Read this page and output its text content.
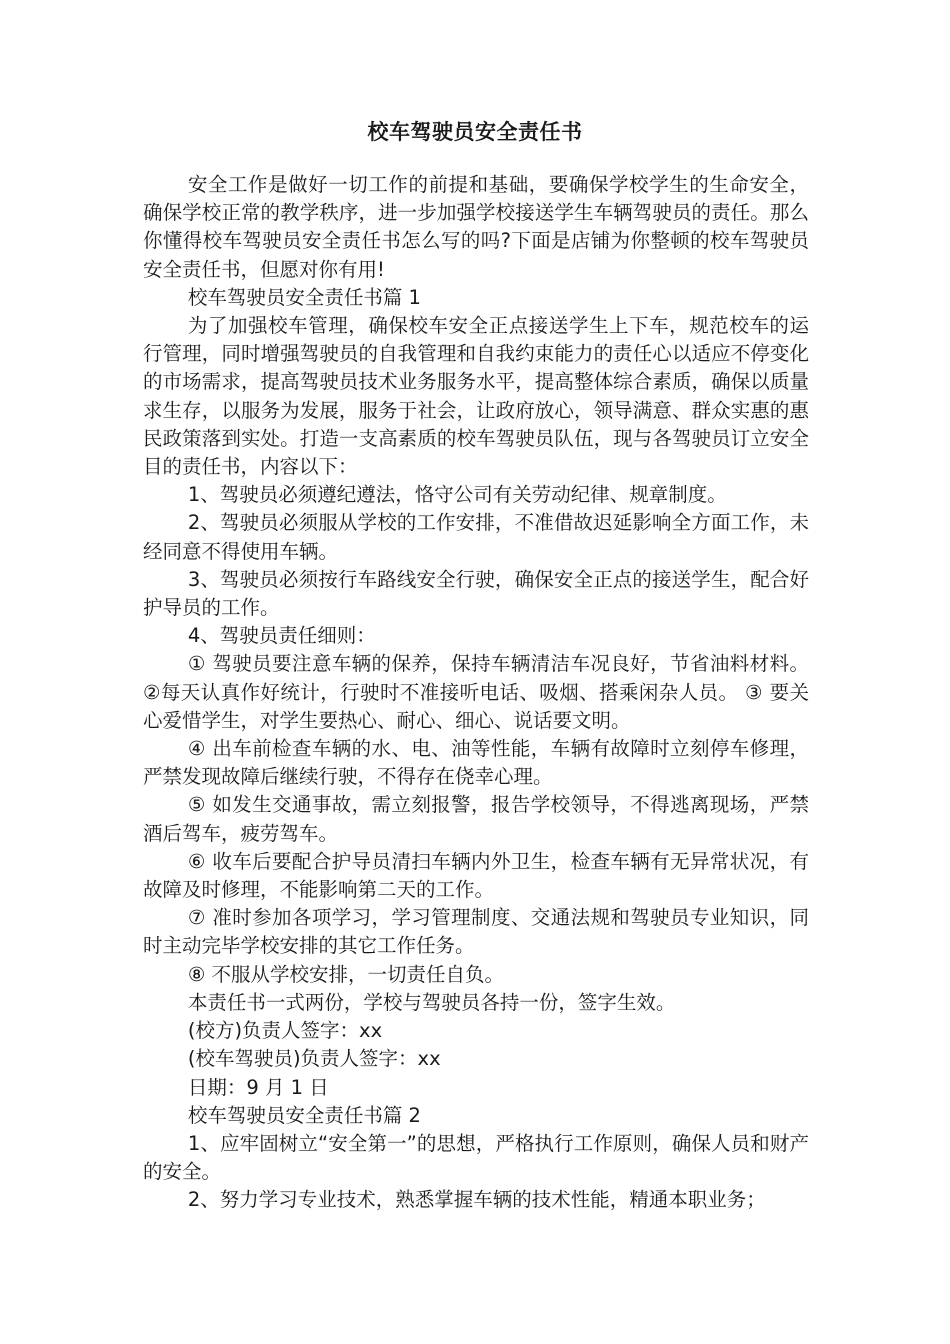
校车驾驶员安全责任书

安全工作是做好一切工作的前提和基础，要确保学校学生的生命安全，确保学校正常的教学秩序，进一步加强学校接送学生车辆驾驶员的责任。那么你懂得校车驾驶员安全责任书怎么写的吗?下面是店铺为你整顿的校车驾驶员安全责任书，但愿对你有用!

校车驾驶员安全责任书篇 1

为了加强校车管理，确保校车安全正点接送学生上下车，规范校车的运行管理，同时增强驾驶员的自我管理和自我约束能力的责任心以适应不停变化的市场需求，提高驾驶员技术业务服务水平，提高整体综合素质，确保以质量求生存，以服务为发展，服务于社会，让政府放心，领导满意、群众实惠的惠民政策落到实处。打造一支高素质的校车驾驶员队伍，现与各驾驶员订立安全目的责任书，内容以下：

1、驾驶员必须遵纪遵法，恪守公司有关劳动纪律、规章制度。

2、驾驶员必须服从学校的工作安排，不准借故迟延影响全方面工作，未经同意不得使用车辆。

3、驾驶员必须按行车路线安全行驶，确保安全正点的接送学生，配合好护导员的工作。

4、驾驶员责任细则：

① 驾驶员要注意车辆的保养，保持车辆清洁车况良好，节省油料材料。 ②每天认真作好统计，行驶时不准接听电话、吸烟、搭乘闲杂人员。 ③ 要关心爱惜学生，对学生要热心、耐心、细心、说话要文明。

④ 出车前检查车辆的水、电、油等性能，车辆有故障时立刻停车修理，严禁发现故障后继续行驶，不得存在侥幸心理。

⑤ 如发生交通事故，需立刻报警，报告学校领导，不得逃离现场，严禁酒后驾车，疲劳驾车。

⑥ 收车后要配合护导员清扫车辆内外卫生，检查车辆有无异常状况，有故障及时修理，不能影响第二天的工作。

⑦ 准时参加各项学习，学习管理制度、交通法规和驾驶员专业知识，同时主动完毕学校安排的其它工作任务。

⑧ 不服从学校安排，一切责任自负。

本责任书一式两份，学校与驾驶员各持一份，签字生效。

(校方)负责人签字：xx

(校车驾驶员)负责人签字：xx

日期：9 月 1 日

校车驾驶员安全责任书篇 2

1、应牢固树立“安全第一”的思想，严格执行工作原则，确保人员和财产的安全。

2、努力学习专业技术，熟悉掌握车辆的技术性能，精通本职业务；
